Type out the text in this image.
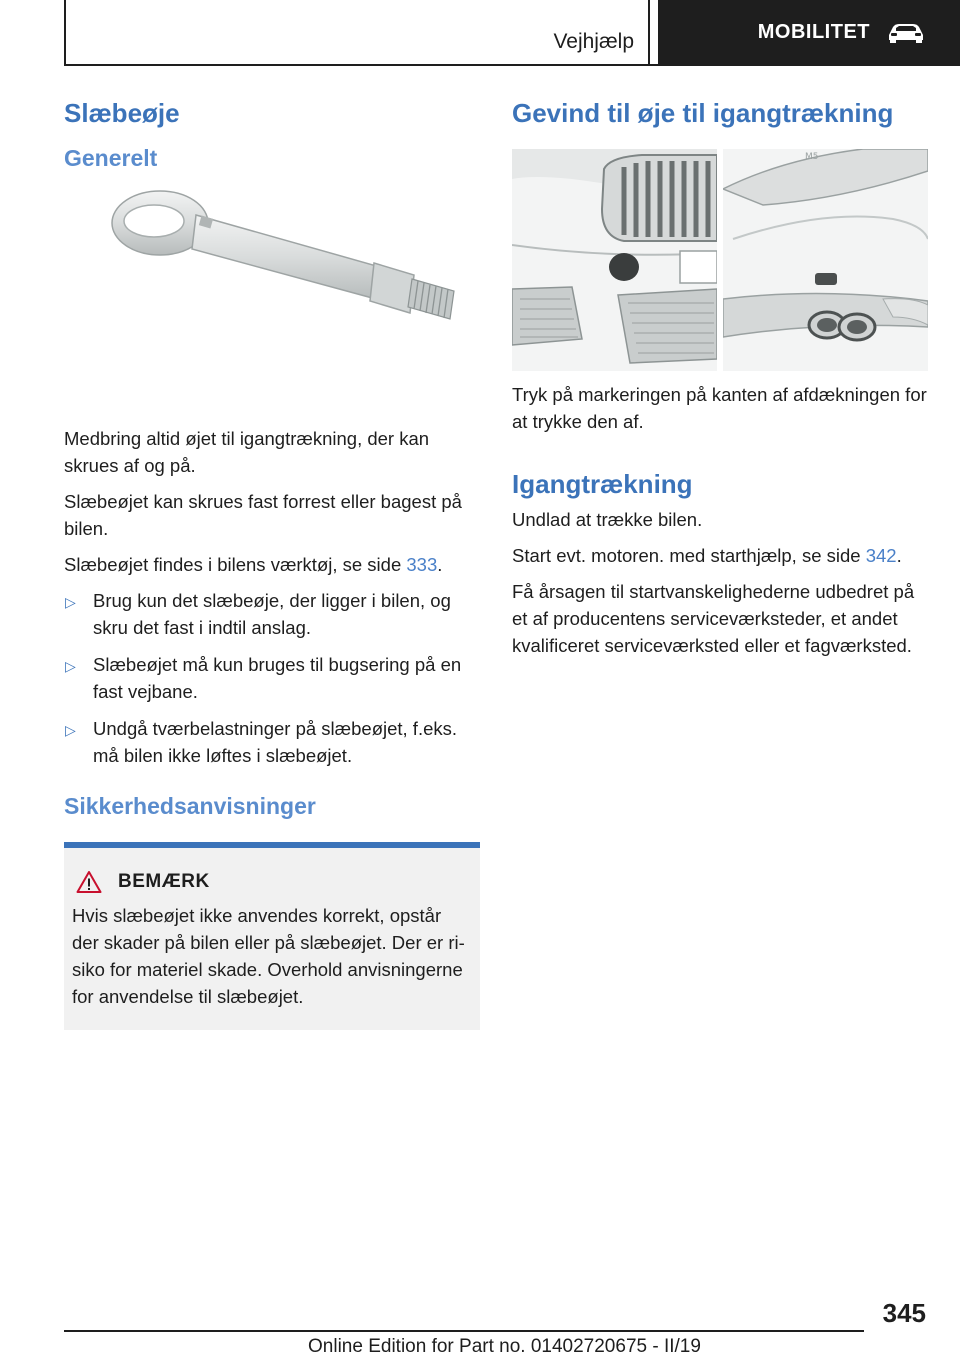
Vejhjælp	MOBILITET
Slæbeøje
Generelt

Medbring altid øjet til igangtrækning, der kan skrues af og på.

Slæbeøjet kan skrues fast forrest eller bagest på bilen.

Slæbeøjet findes i bilens værktøj, se side 333.

▷ Brug kun det slæbeøje, der ligger i bilen, og skru det fast i indtil anslag.
▷ Slæbeøjet må kun bruges til bugsering på en fast vejbane.
▷ Undgå tværbelastninger på slæbeøjet, f.eks. må bilen ikke løftes i slæbeøjet.
Sikkerhedsanvisninger
BEMÆRK

Hvis slæbeøjet ikke anvendes korrekt, opstår der skader på bilen eller på slæbeøjet. Der er risiko for materiel skade. Overhold anvisningerne for anvendelse til slæbeøjet.

Gevind til øje til igangtrækning
M5

Tryk på markeringen på kanten af afdækningen for at trykke den af.

Igangtrækning

Undlad at trække bilen.

Start evt. motoren. med starthjælp, se side 342.

Få årsagen til startvanskelighederne udbedret på et af producentens serviceværksteder, et andet kvalificeret serviceværksted eller et fagværksted.

345
Online Edition for Part no. 01402720675 - II/19
